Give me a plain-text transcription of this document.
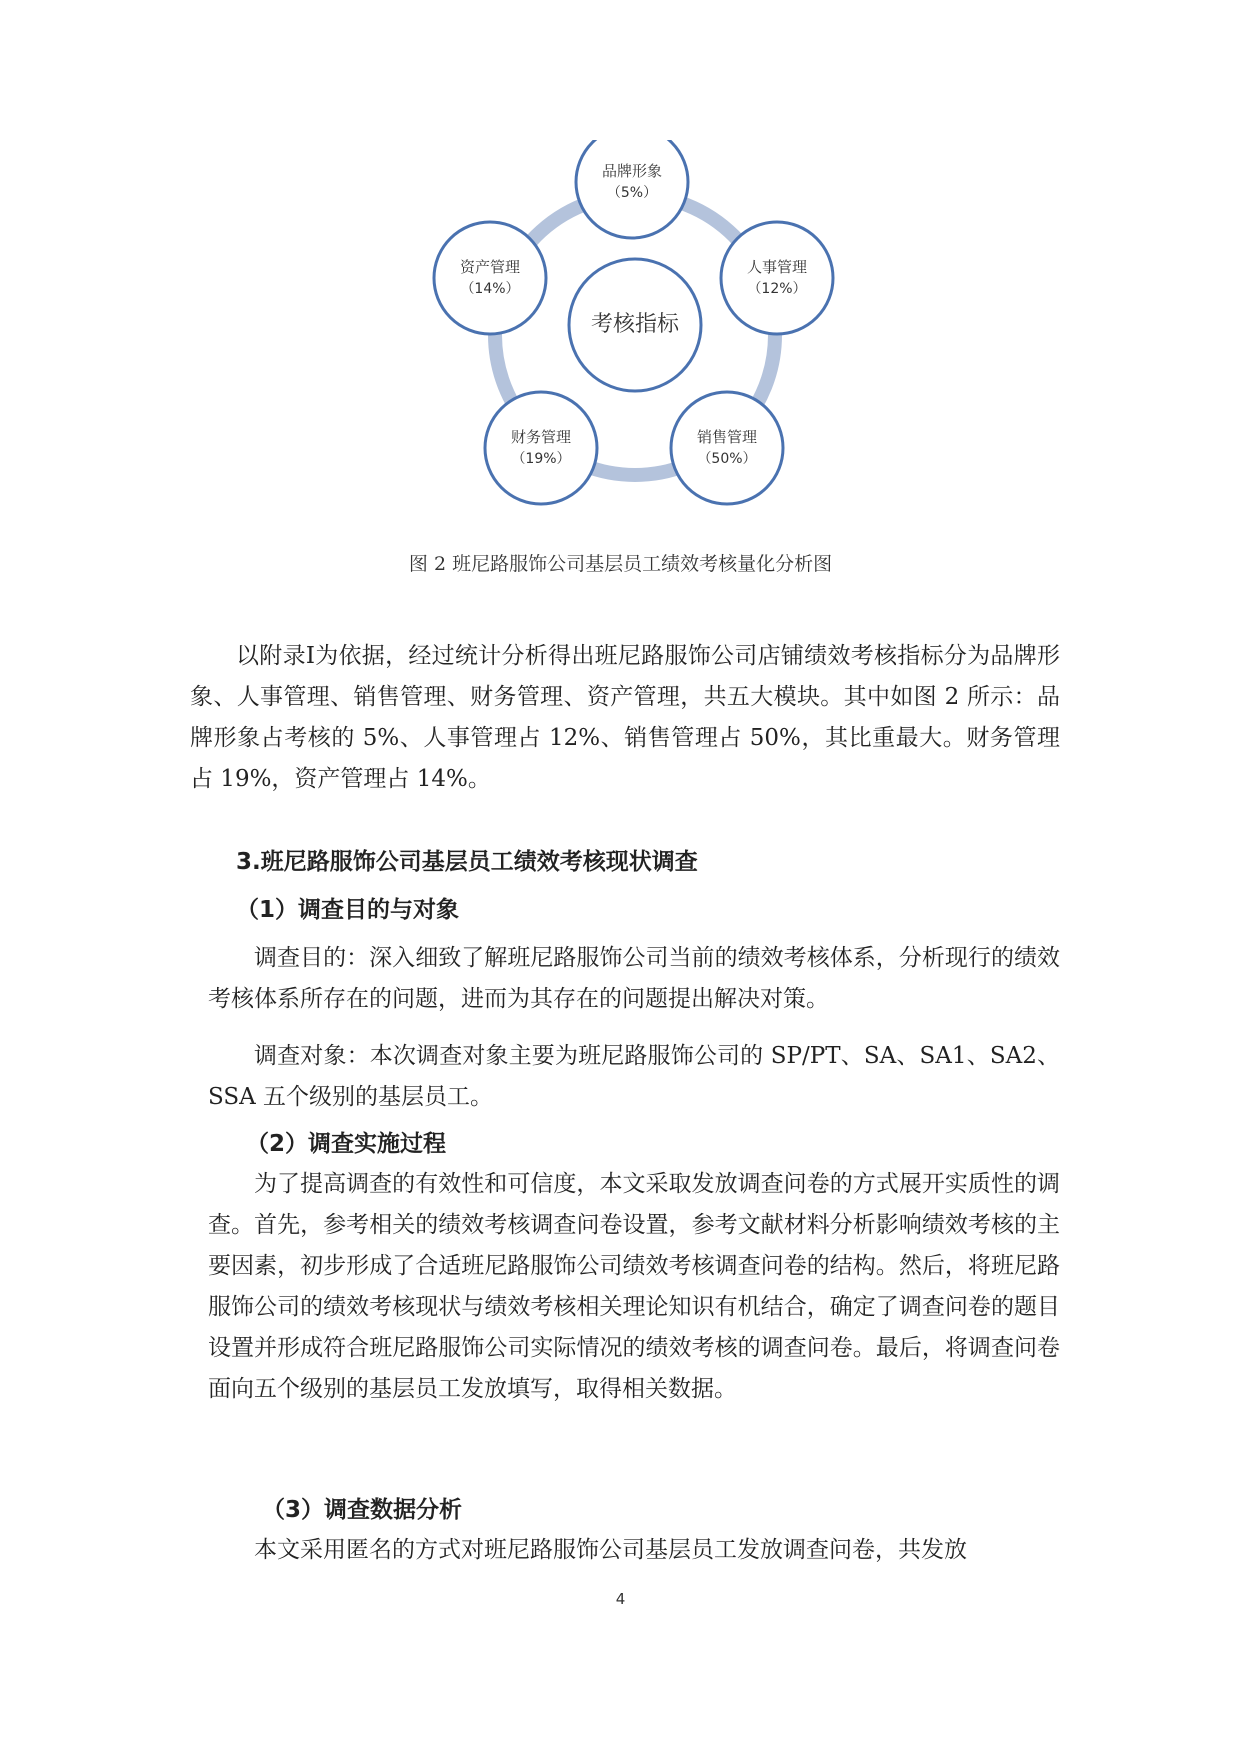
考核指标
品牌形象
（5%）
人事管理
（12%）
销售管理
（50%）
财务管理
（19%）
资产管理
（14%）
图 2 班尼路服饰公司基层员工绩效考核量化分析图
以附录Ⅰ为依据，经过统计分析得出班尼路服饰公司店铺绩效考核指标分为品牌形象、人事管理、销售管理、财务管理、资产管理，共五大模块。其中如图 2 所示：品牌形象占考核的 5%、人事管理占 12%、销售管理占 50%，其比重最大。财务管理占 19%，资产管理占 14%。
3.班尼路服饰公司基层员工绩效考核现状调查
（1）调查目的与对象
调查目的：深入细致了解班尼路服饰公司当前的绩效考核体系，分析现行的绩效考核体系所存在的问题，进而为其存在的问题提出解决对策。
调查对象：本次调查对象主要为班尼路服饰公司的 SP/PT、SA、SA1、SA2、SSA 五个级别的基层员工。
（2）调查实施过程
为了提高调查的有效性和可信度，本文采取发放调查问卷的方式展开实质性的调查。首先，参考相关的绩效考核调查问卷设置，参考文献材料分析影响绩效考核的主要因素，初步形成了合适班尼路服饰公司绩效考核调查问卷的结构。然后，将班尼路服饰公司的绩效考核现状与绩效考核相关理论知识有机结合，确定了调查问卷的题目设置并形成符合班尼路服饰公司实际情况的绩效考核的调查问卷。最后，将调查问卷面向五个级别的基层员工发放填写，取得相关数据。
（3）调查数据分析
本文采用匿名的方式对班尼路服饰公司基层员工发放调查问卷，共发放
4
